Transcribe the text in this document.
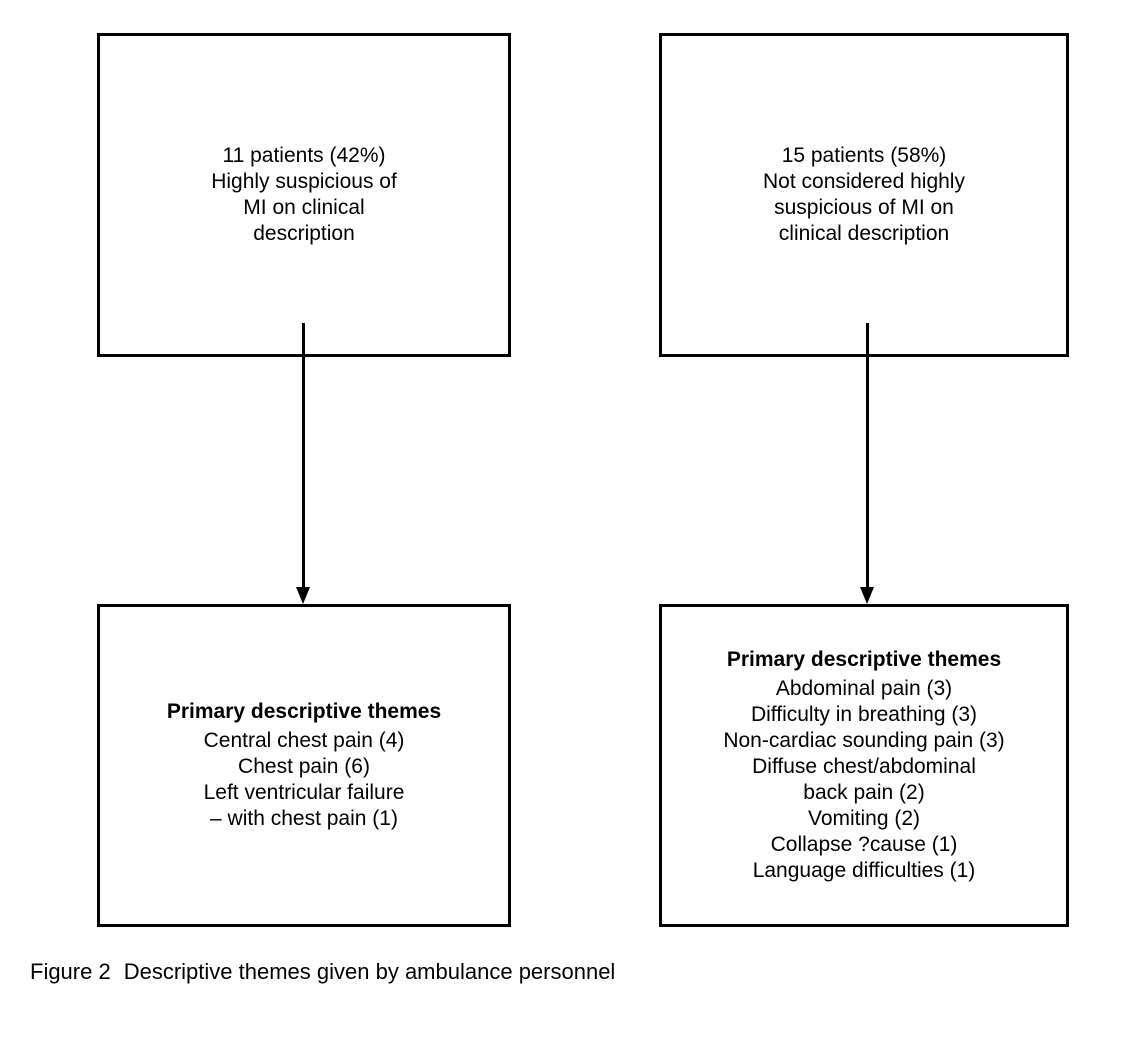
11 patients (42%)
Highly suspicious of
MI on clinical
description
15 patients (58%)
Not considered highly
suspicious of MI on
clinical description
Primary descriptive themes
Central chest pain (4)
Chest pain (6)
Left ventricular failure
– with chest pain (1)
Primary descriptive themes
Abdominal pain (3)
Difficulty in breathing (3)
Non-cardiac sounding pain (3)
Diffuse chest/abdominal
back pain (2)
Vomiting (2)
Collapse ?cause (1)
Language difficulties (1)
Figure 2 Descriptive themes given by ambulance personnel
